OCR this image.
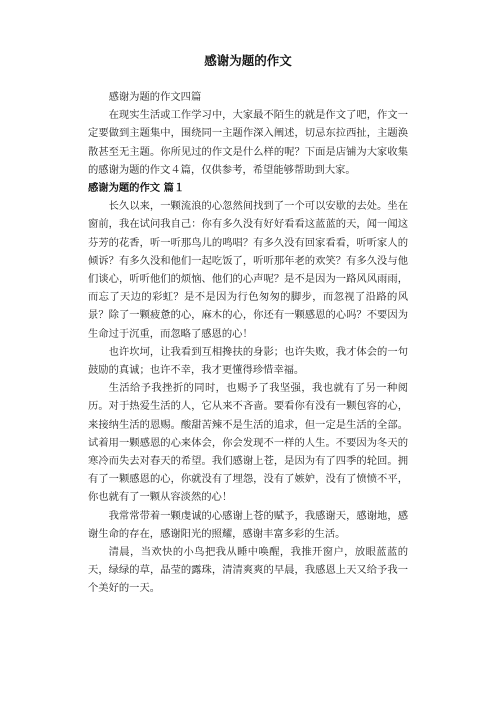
感谢为题的作文

感谢为题的作文四篇

在现实生活或工作学习中，大家最不陌生的就是作文了吧，作文一定要做到主题集中，围绕同一主题作深入阐述，切忌东拉西扯，主题涣散甚至无主题。你所见过的作文是什么样的呢？下面是店铺为大家收集的感谢为题的作文４篇，仅供参考，希望能够帮助到大家。

感谢为题的作文 篇１

长久以来，一颗流浪的心忽然间找到了一个可以安歇的去处。坐在窗前，我在试问我自己：你有多久没有好好看看这蓝蓝的天，闻一闻这芬芳的花香，听一听那鸟儿的鸣唱？有多久没有回家看看，听听家人的倾诉？有多久没和他们一起吃饭了，听听那年老的欢笑？有多久没与他们谈心，听听他们的烦恼、他们的心声呢？是不是因为一路风风雨雨，而忘了天边的彩虹？是不是因为行色匆匆的脚步，而忽视了沿路的风景？除了一颗疲惫的心，麻木的心，你还有一颗感恩的心吗？不要因为生命过于沉重，而忽略了感恩的心！

也许坎坷，让我看到互相搀扶的身影；也许失败，我才体会的一句鼓励的真诚；也许不幸，我才更懂得珍惜幸福。

生活给予我挫折的同时，也赐予了我坚强，我也就有了另一种阅历。对于热爱生活的人，它从来不吝啬。要看你有没有一颗包容的心，来接纳生活的恩赐。酸甜苦辣不是生活的追求，但一定是生活的全部。试着用一颗感恩的心来体会，你会发现不一样的人生。不要因为冬天的寒冷而失去对春天的希望。我们感谢上苍，是因为有了四季的轮回。拥有了一颗感恩的心，你就没有了埋怨，没有了嫉妒，没有了愤愤不平，你也就有了一颗从容淡然的心！

我常常带着一颗虔诚的心感谢上苍的赋予，我感谢天，感谢地，感谢生命的存在，感谢阳光的照耀，感谢丰富多彩的生活。

清晨，当欢快的小鸟把我从睡中唤醒，我推开窗户，放眼蓝蓝的天，绿绿的草，晶莹的露珠，清清爽爽的早晨，我感恩上天又给予我一个美好的一天。
